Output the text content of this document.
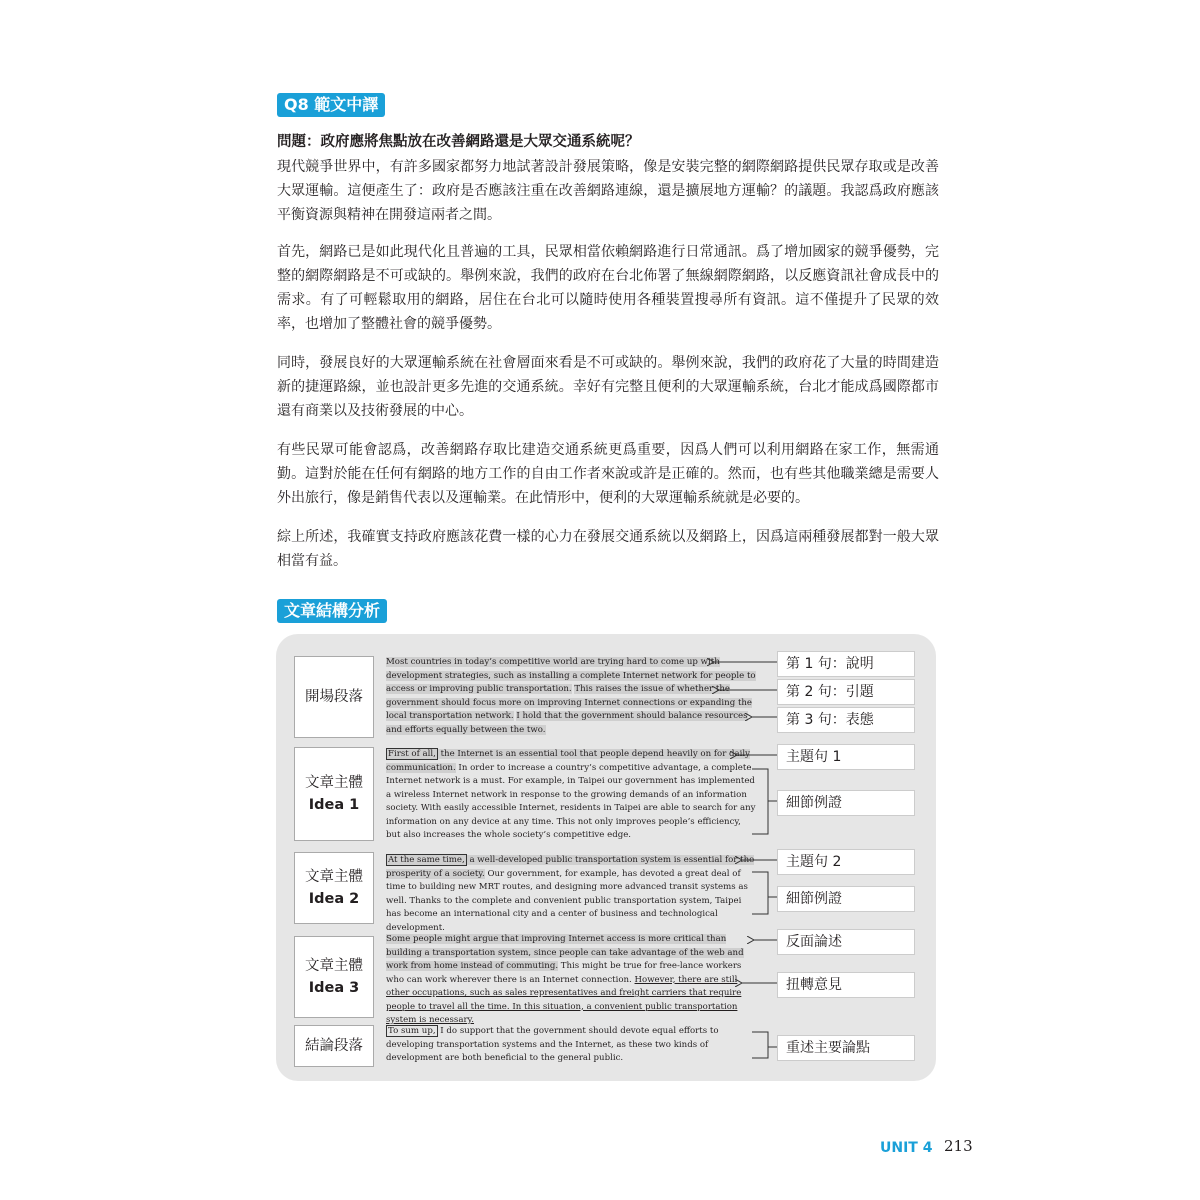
Q8 範文中譯
問題：政府應將焦點放在改善網路還是大眾交通系統呢？

現代競爭世界中，有許多國家都努力地試著設計發展策略，像是安裝完整的網際網路提供民眾存取或是改善大眾運輸。這便產生了：政府是否應該注重在改善網路連線，還是擴展地方運輸？的議題。我認爲政府應該平衡資源與精神在開發這兩者之間。

首先，網路已是如此現代化且普遍的工具，民眾相當依賴網路進行日常通訊。爲了增加國家的競爭優勢，完整的網際網路是不可或缺的。舉例來說，我們的政府在台北佈署了無線網際網路，以反應資訊社會成長中的需求。有了可輕鬆取用的網路，居住在台北可以隨時使用各種裝置搜尋所有資訊。這不僅提升了民眾的效率，也增加了整體社會的競爭優勢。

同時，發展良好的大眾運輸系統在社會層面來看是不可或缺的。舉例來說，我們的政府花了大量的時間建造新的捷運路線，並也設計更多先進的交通系統。幸好有完整且便利的大眾運輸系統，台北才能成爲國際都市還有商業以及技術發展的中心。

有些民眾可能會認爲，改善網路存取比建造交通系統更爲重要，因爲人們可以利用網路在家工作，無需通勤。這對於能在任何有網路的地方工作的自由工作者來說或許是正確的。然而，也有些其他職業總是需要人外出旅行，像是銷售代表以及運輸業。在此情形中，便利的大眾運輸系統就是必要的。

綜上所述，我確實支持政府應該花費一樣的心力在發展交通系統以及網路上，因爲這兩種發展都對一般大眾相當有益。

文章結構分析
開場段落
文章主體
Idea 1
文章主體
Idea 2
文章主體
Idea 3
結論段落

Most countries in today’s competitive world are trying hard to come up with development strategies, such as installing a complete Internet network for people to access or improving public transportation. This raises the issue of whether the government should focus more on improving Internet connections or expanding the local transportation network. I hold that the government should balance resources and efforts equally between the two.

First of all, the Internet is an essential tool that people depend heavily on for daily communication. In order to increase a country’s competitive advantage, a complete Internet network is a must. For example, in Taipei our government has implemented a wireless Internet network in response to the growing demands of an information society. With easily accessible Internet, residents in Taipei are able to search for any information on any device at any time. This not only improves people’s efficiency, but also increases the whole society’s competitive edge.

At the same time, a well-developed public transportation system is essential for the prosperity of a society. Our government, for example, has devoted a great deal of time to building new MRT routes, and designing more advanced transit systems as well. Thanks to the complete and convenient public transportation system, Taipei has become an international city and a center of business and technological development.

Some people might argue that improving Internet access is more critical than building a transportation system, since people can take advantage of the web and work from home instead of commuting. This might be true for free-lance workers who can work wherever there is an Internet connection. However, there are still other occupations, such as sales representatives and freight carriers that require people to travel all the time. In this situation, a convenient public transportation system is necessary.

To sum up, I do support that the government should devote equal efforts to developing transportation systems and the Internet, as these two kinds of development are both beneficial to the general public.

第 1 句：說明
第 2 句：引題
第 3 句：表態
主題句 1
細節例證
主題句 2
細節例證
反面論述
扭轉意見
重述主要論點
UNIT 4 213
